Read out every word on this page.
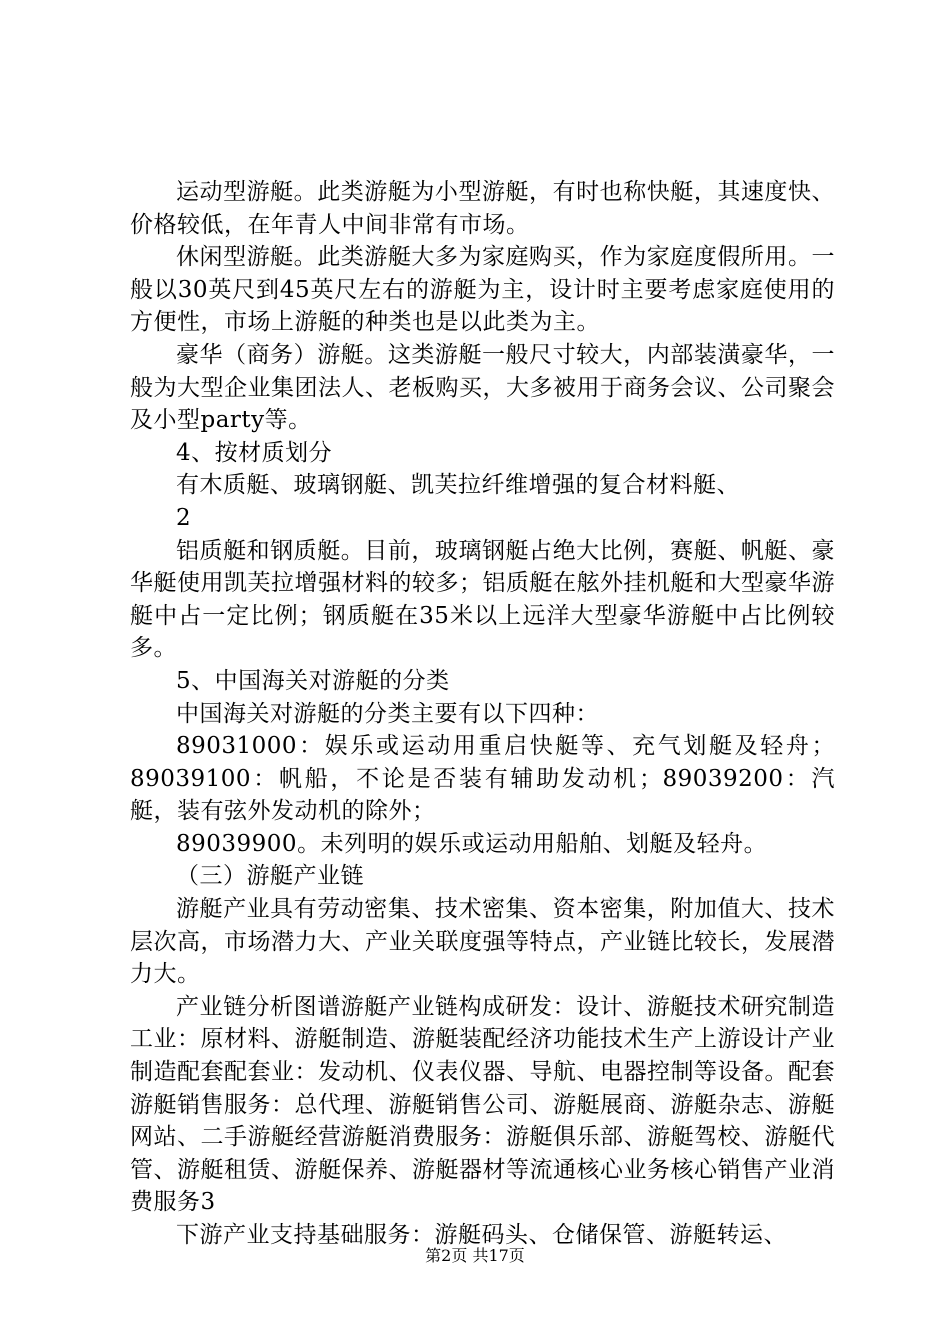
运动型游艇。此类游艇为小型游艇，有时也称快艇，其速度快、价格较低，在年青人中间非常有市场。

休闲型游艇。此类游艇大多为家庭购买，作为家庭度假所用。一般以30英尺到45英尺左右的游艇为主，设计时主要考虑家庭使用的方便性，市场上游艇的种类也是以此类为主。

豪华（商务）游艇。这类游艇一般尺寸较大，内部装潢豪华，一般为大型企业集团法人、老板购买，大多被用于商务会议、公司聚会及小型party等。

4、按材质划分

有木质艇、玻璃钢艇、凯芙拉纤维增强的复合材料艇、

2

铝质艇和钢质艇。目前，玻璃钢艇占绝大比例，赛艇、帆艇、豪华艇使用凯芙拉增强材料的较多；铝质艇在舷外挂机艇和大型豪华游艇中占一定比例；钢质艇在35米以上远洋大型豪华游艇中占比例较多。

5、中国海关对游艇的分类

中国海关对游艇的分类主要有以下四种：

89031000：娱乐或运动用重启快艇等、充气划艇及轻舟；89039100：帆船，不论是否装有辅助发动机；89039200：汽艇，装有弦外发动机的除外；

89039900。未列明的娱乐或运动用船舶、划艇及轻舟。

（三）游艇产业链

游艇产业具有劳动密集、技术密集、资本密集，附加值大、技术层次高，市场潜力大、产业关联度强等特点，产业链比较长，发展潜力大。

产业链分析图谱游艇产业链构成研发：设计、游艇技术研究制造工业：原材料、游艇制造、游艇装配经济功能技术生产上游设计产业制造配套配套业：发动机、仪表仪器、导航、电器控制等设备。配套游艇销售服务：总代理、游艇销售公司、游艇展商、游艇杂志、游艇网站、二手游艇经营游艇消费服务：游艇俱乐部、游艇驾校、游艇代管、游艇租赁、游艇保养、游艇器材等流通核心业务核心销售产业消费服务3

下游产业支持基础服务：游艇码头、仓储保管、游艇转运、

第2页 共17页
